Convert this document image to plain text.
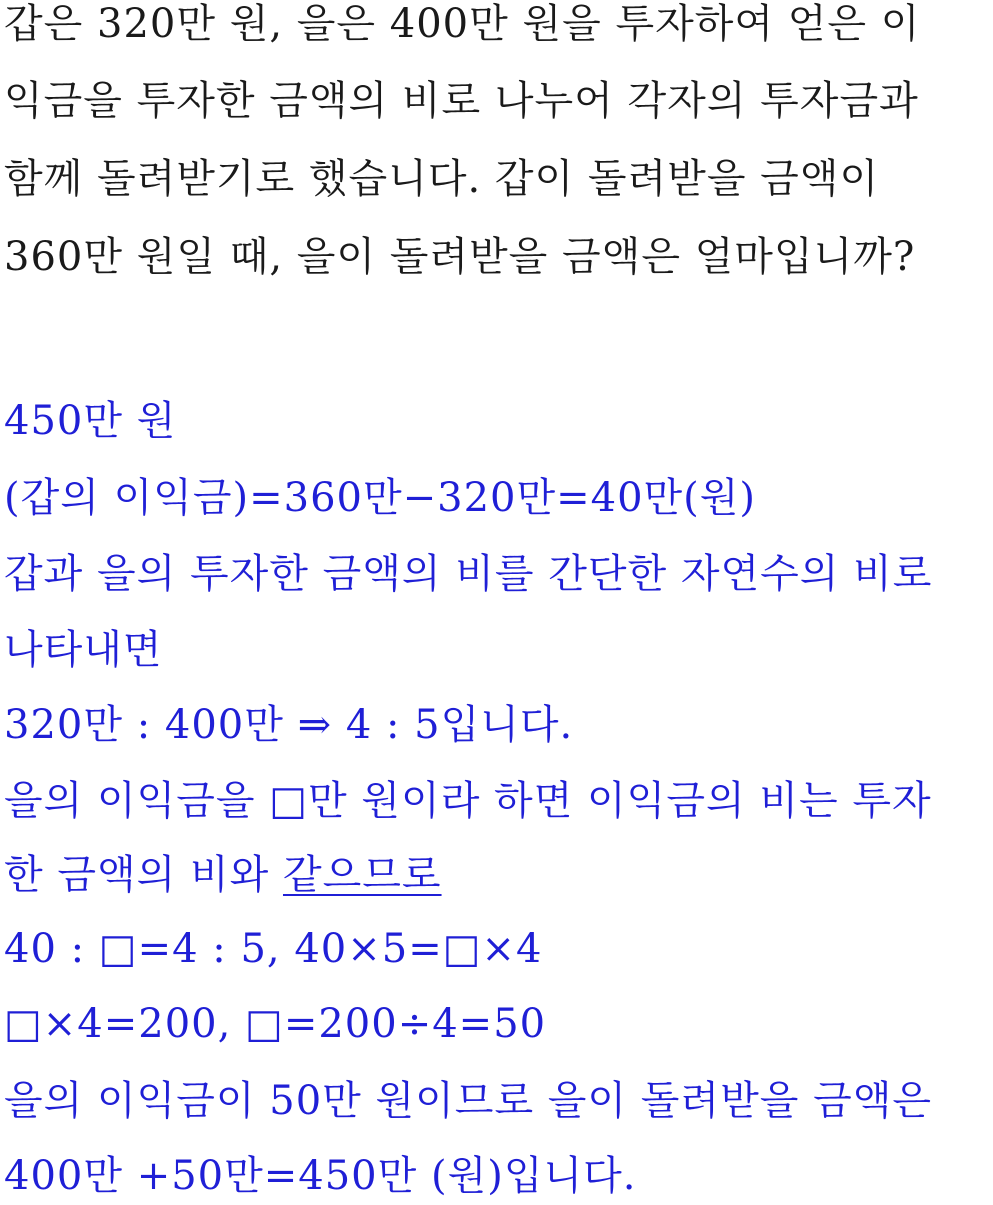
갑은 320만 원, 을은 400만 원을 투자하여 얻은 이
익금을 투자한 금액의 비로 나누어 각자의 투자금과
함께 돌려받기로 했습니다. 갑이 돌려받을 금액이
360만 원일 때, 을이 돌려받을 금액은 얼마입니까?
450만 원
(갑의 이익금)=360만−320만=40만(원)
갑과 을의 투자한 금액의 비를 간단한 자연수의 비로
나타내면
320만 : 400만 ⇒ 4 : 5입니다.
을의 이익금을 □만 원이라 하면 이익금의 비는 투자
한 금액의 비와 같으므로
40 : □=4 : 5, 40×5=□×4
□×4=200, □=200÷4=50
을의 이익금이 50만 원이므로 을이 돌려받을 금액은
400만 +50만=450만 (원)입니다.
